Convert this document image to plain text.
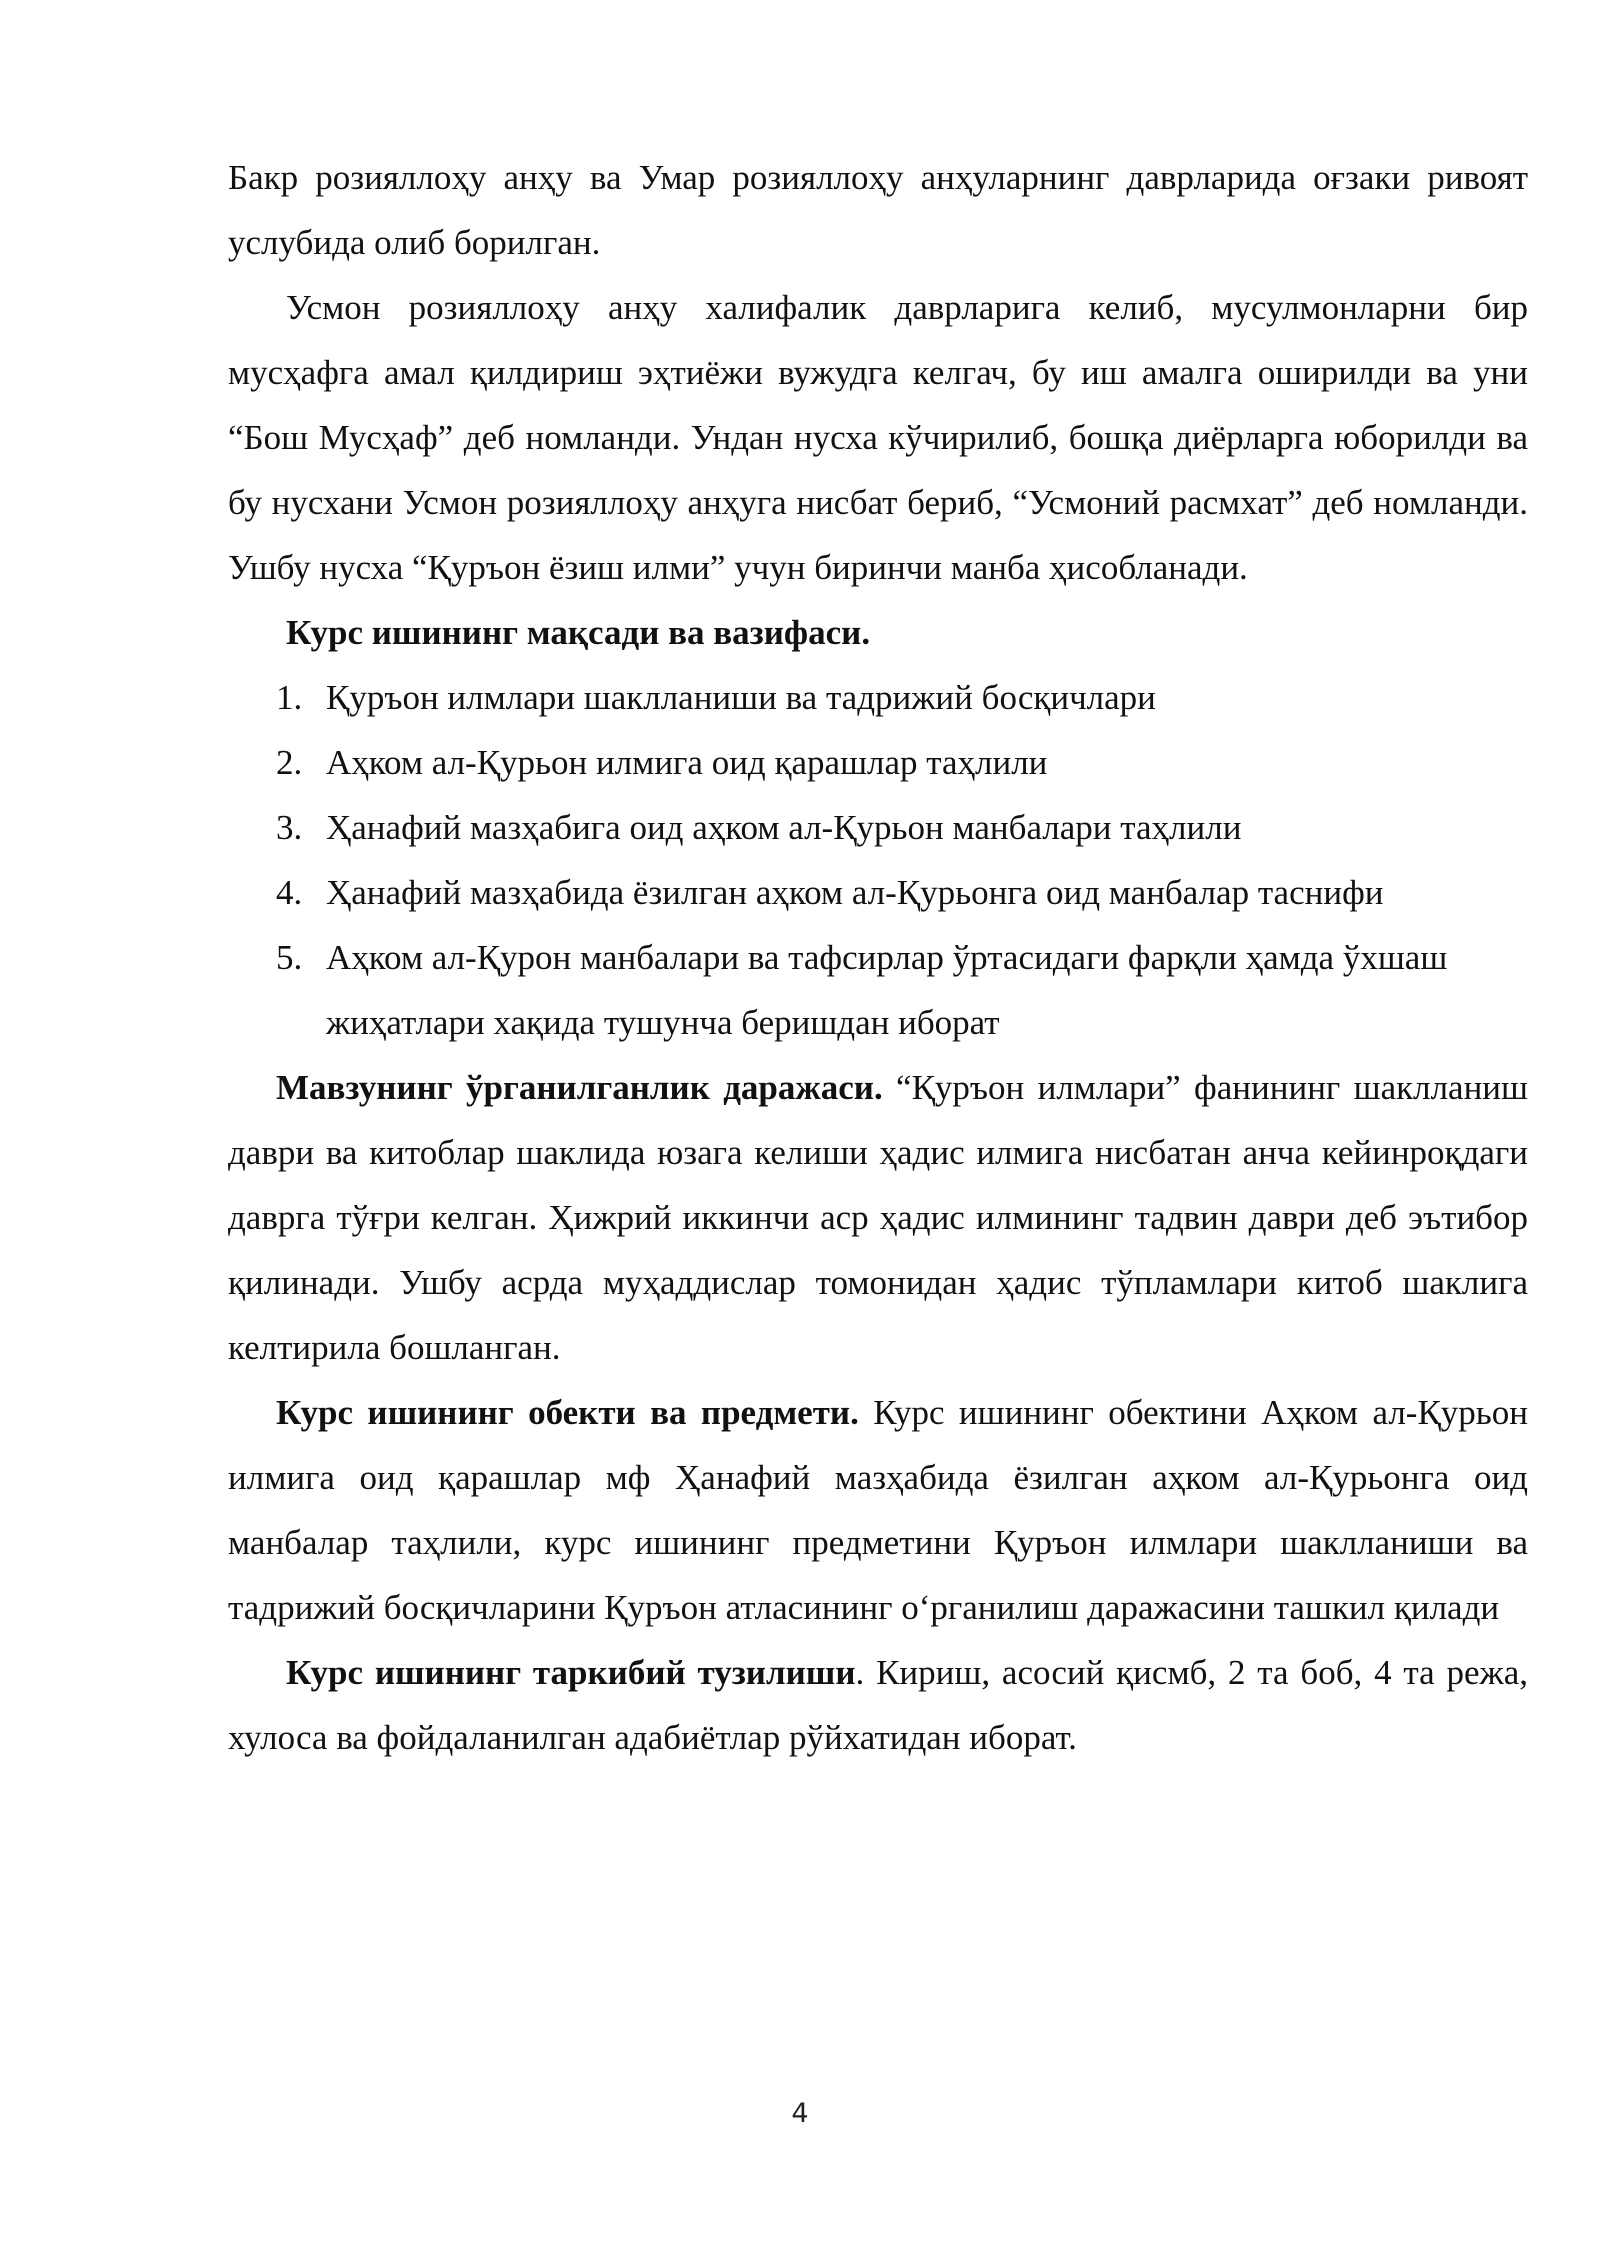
Бакр розияллоҳу анҳу ва Умар розияллоҳу анҳуларнинг даврларида оғзаки ривоят услубида олиб борилган.

Усмон розияллоҳу анҳу халифалик даврларига келиб, мусулмонларни бир мусҳафга амал қилдириш эҳтиёжи вужудга келгач, бу иш амалга оширилди ва уни “Бош Мусҳаф” деб номланди. Ундан нусха кўчирилиб, бошқа диёрларга юборилди ва бу нусхани Усмон розияллоҳу анҳуга нисбат бериб, “Усмоний расмхат” деб номланди. Ушбу нусха “Қуръон ёзиш илми” учун биринчи манба ҳисобланади.

Курс ишининг мақсади ва вазифаси.

1. Қуръон илмлари шаклланиши ва тадрижий босқичлари
2. Аҳком ал-Қурьон илмига оид қарашлар таҳлили
3. Ҳанафий мазҳабига оид аҳком ал-Қурьон манбалари таҳлили
4. Ҳанафий мазҳабида ёзилган аҳком ал-Қурьонга оид манбалар таснифи
5. Аҳком ал-Қурон манбалари ва тафсирлар ўртасидаги фарқли ҳамда ўхшаш жиҳатлари хақида тушунча беришдан иборат

Мавзунинг ўрганилганлик даражаси. “Қуръон илмлари” фанининг шаклланиш даври ва китоблар шаклида юзага келиши ҳадис илмига нисбатан анча кейинроқдаги даврга тўғри келган. Ҳижрий иккинчи аср ҳадис илмининг тадвин даври деб эътибор қилинади. Ушбу асрда муҳаддислар томонидан ҳадис тўпламлари китоб шаклига келтирила бошланган.

Курс ишининг обекти ва предмети. Курс ишининг обектини Аҳком ал-Қурьон илмига оид қарашлар мф Ҳанафий мазҳабида ёзилган аҳком ал-Қурьонга оид манбалар таҳлили, курс ишининг предметини Қуръон илмлари шаклланиши ва тадрижий босқичларини Қуръон атласининг оʻрганилиш даражасини ташкил қилади

Курс ишининг таркибий тузилиши. Кириш, асосий қисмб, 2 та боб, 4 та режа, хулоса ва фойдаланилган адабиётлар рўйхатидан иборат.

4
